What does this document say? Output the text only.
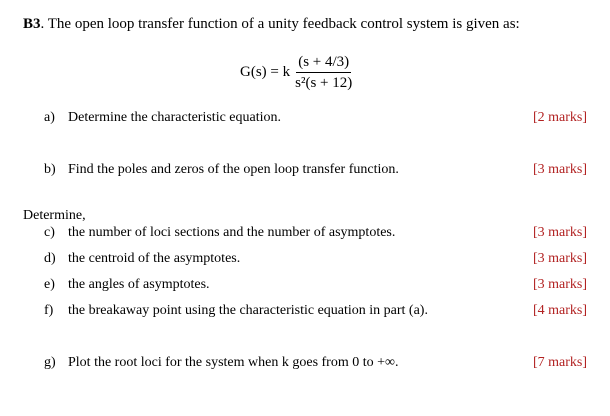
B3. The open loop transfer function of a unity feedback control system is given as:
G(s) = k $\frac{(s + 4/3)}{\text{s²(s + 12)}}$
a) Determine the characteristic equation.	[2 marks]
b) Find the poles and zeros of the open loop transfer function.	[3 marks]
Determine,
c) the number of loci sections and the number of asymptotes.	[3 marks]
d) the centroid of the asymptotes.	[3 marks]
e) the angles of asymptotes.	[3 marks]
f) the breakaway point using the characteristic equation in part (a).	[4 marks]
g) Plot the root loci for the system when k goes from 0 to +∞.	[7 marks]
